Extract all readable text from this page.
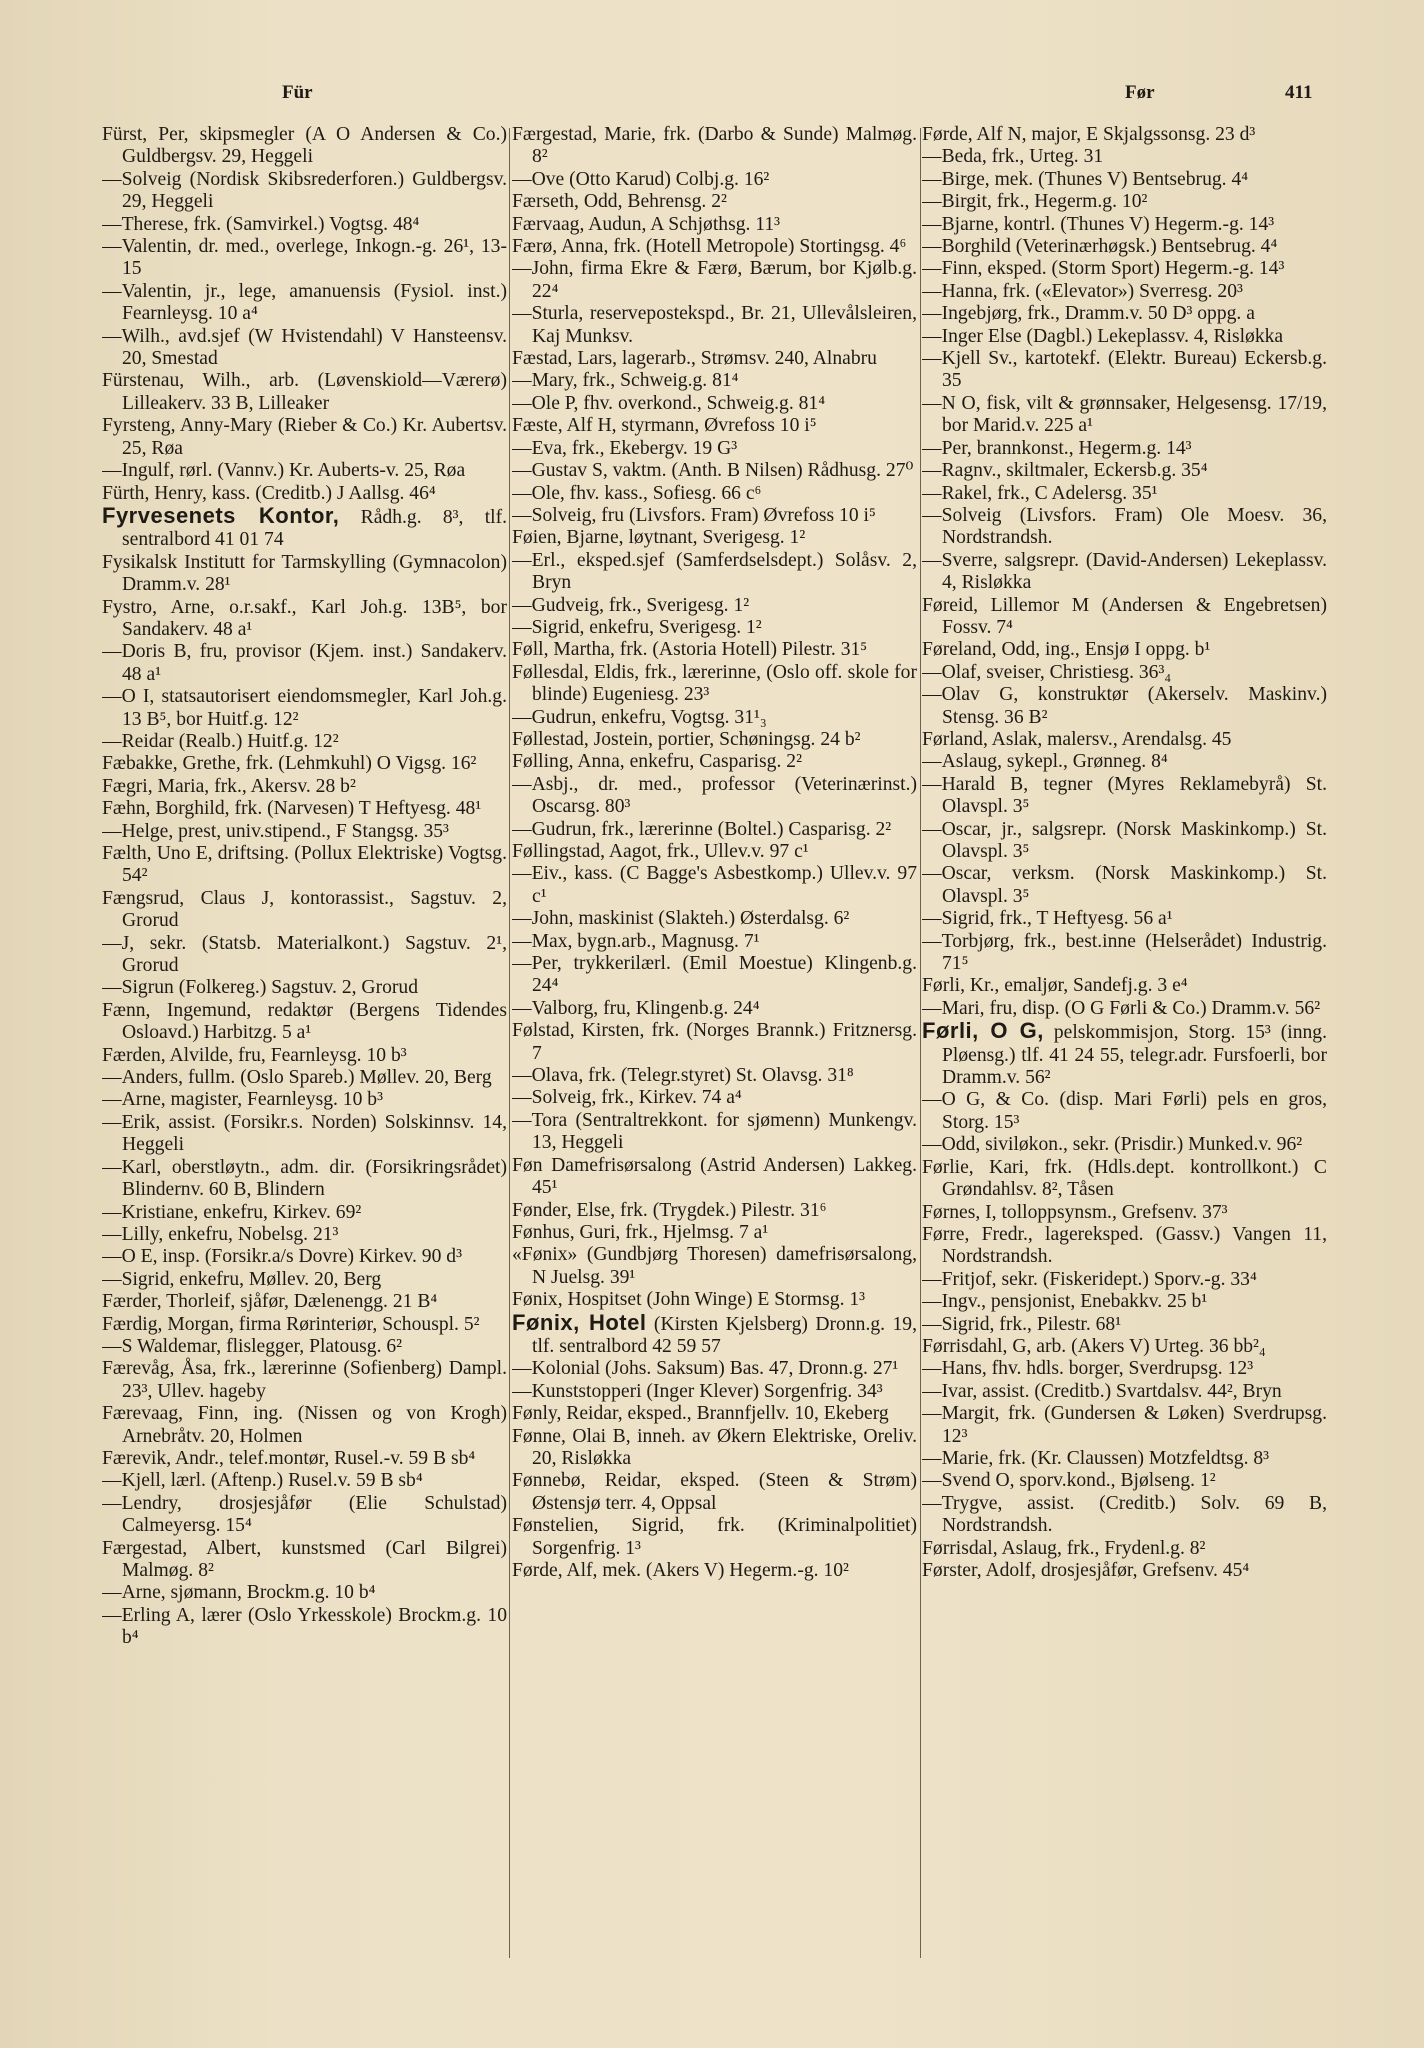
Für	Før	411

Fürst, Per, skipsmegler (A O Andersen & Co.) Guldbergsv. 29, Heggeli

—Solveig (Nordisk Skibsrederforen.) Guldbergsv. 29, Heggeli

—Therese, frk. (Samvirkel.) Vogtsg. 48⁴

—Valentin, dr. med., overlege, Inkogn.-g. 26¹, 13-15

—Valentin, jr., lege, amanuensis (Fysiol. inst.) Fearnleysg. 10 a⁴

—Wilh., avd.sjef (W Hvistendahl) V Hansteensv. 20, Smestad

Fürstenau, Wilh., arb. (Løvenskiold—Værerø) Lilleakerv. 33 B, Lilleaker

Fyrsteng, Anny-Mary (Rieber & Co.) Kr. Aubertsv. 25, Røa

—Ingulf, rørl. (Vannv.) Kr. Auberts-v. 25, Røa

Fürth, Henry, kass. (Creditb.) J Aallsg. 46⁴

Fyrvesenets Kontor, Rådh.g. 8³, tlf. sentralbord 41 01 74

Fysikalsk Institutt for Tarmskylling (Gymnacolon) Dramm.v. 28¹

Fystro, Arne, o.r.sakf., Karl Joh.g. 13B⁵, bor Sandakerv. 48 a¹

—Doris B, fru, provisor (Kjem. inst.) Sandakerv. 48 a¹

—O I, statsautorisert eiendomsmegler, Karl Joh.g. 13 B⁵, bor Huitf.g. 12²

—Reidar (Realb.) Huitf.g. 12²

Fæbakke, Grethe, frk. (Lehmkuhl) O Vigsg. 16²

Fægri, Maria, frk., Akersv. 28 b²

Fæhn, Borghild, frk. (Narvesen) T Heftyesg. 48¹

—Helge, prest, univ.stipend., F Stangsg. 35³

Fælth, Uno E, driftsing. (Pollux Elektriske) Vogtsg. 54²

Fængsrud, Claus J, kontorassist., Sagstuv. 2, Grorud

—J, sekr. (Statsb. Materialkont.) Sagstuv. 2¹, Grorud

—Sigrun (Folkereg.) Sagstuv. 2, Grorud

Fænn, Ingemund, redaktør (Bergens Tidendes Osloavd.) Harbitzg. 5 a¹

Færden, Alvilde, fru, Fearnleysg. 10 b³

—Anders, fullm. (Oslo Spareb.) Møllev. 20, Berg

—Arne, magister, Fearnleysg. 10 b³

—Erik, assist. (Forsikr.s. Norden) Solskinnsv. 14, Heggeli

—Karl, oberstløytn., adm. dir. (Forsikringsrådet) Blindernv. 60 B, Blindern

—Kristiane, enkefru, Kirkev. 69²

—Lilly, enkefru, Nobelsg. 21³

—O E, insp. (Forsikr.a/s Dovre) Kirkev. 90 d³

—Sigrid, enkefru, Møllev. 20, Berg

Færder, Thorleif, sjåfør, Dælenengg. 21 B⁴

Færdig, Morgan, firma Rørinteriør, Schouspl. 5²

—S Waldemar, flislegger, Platousg. 6²

Færevåg, Åsa, frk., lærerinne (Sofienberg) Dampl. 23³, Ullev. hageby

Færevaag, Finn, ing. (Nissen og von Krogh) Arnebråtv. 20, Holmen

Færevik, Andr., telef.montør, Rusel.-v. 59 B sb⁴

—Kjell, lærl. (Aftenp.) Rusel.v. 59 B sb⁴

—Lendry, drosjesjåfør (Elie Schulstad) Calmeyersg. 15⁴

Færgestad, Albert, kunstsmed (Carl Bilgrei) Malmøg. 8²

—Arne, sjømann, Brockm.g. 10 b⁴

—Erling A, lærer (Oslo Yrkesskole) Brockm.g. 10 b⁴

Færgestad, Marie, frk. (Darbo & Sunde) Malmøg. 8²

—Ove (Otto Karud) Colbj.g. 16²

Færseth, Odd, Behrensg. 2²

Færvaag, Audun, A Schjøthsg. 11³

Færø, Anna, frk. (Hotell Metropole) Stortingsg. 4⁶

—John, firma Ekre & Færø, Bærum, bor Kjølb.g. 22⁴

—Sturla, reservepostekspd., Br. 21, Ullevålsleiren, Kaj Munksv.

Fæstad, Lars, lagerarb., Strømsv. 240, Alnabru

—Mary, frk., Schweig.g. 81⁴

—Ole P, fhv. overkond., Schweig.g. 81⁴

Fæste, Alf H, styrmann, Øvrefoss 10 i⁵

—Eva, frk., Ekebergv. 19 G³

—Gustav S, vaktm. (Anth. B Nilsen) Rådhusg. 27⁰

—Ole, fhv. kass., Sofiesg. 66 c⁶

—Solveig, fru (Livsfors. Fram) Øvrefoss 10 i⁵

Føien, Bjarne, løytnant, Sverigesg. 1²

—Erl., eksped.sjef (Samferdselsdept.) Solåsv. 2, Bryn

—Gudveig, frk., Sverigesg. 1²

—Sigrid, enkefru, Sverigesg. 1²

Føll, Martha, frk. (Astoria Hotell) Pilestr. 31⁵

Føllesdal, Eldis, frk., lærerinne, (Oslo off. skole for blinde) Eugeniesg. 23³

—Gudrun, enkefru, Vogtsg. 31¹₃

Føllestad, Jostein, portier, Schøningsg. 24 b²

Følling, Anna, enkefru, Casparisg. 2²

—Asbj., dr. med., professor (Veterinærinst.) Oscarsg. 80³

—Gudrun, frk., lærerinne (Boltel.) Casparisg. 2²

Føllingstad, Aagot, frk., Ullev.v. 97 c¹

—Eiv., kass. (C Bagge's Asbestkomp.) Ullev.v. 97 c¹

—John, maskinist (Slakteh.) Østerdalsg. 6²

—Max, bygn.arb., Magnusg. 7¹

—Per, trykkerilærl. (Emil Moestue) Klingenb.g. 24⁴

—Valborg, fru, Klingenb.g. 24⁴

Følstad, Kirsten, frk. (Norges Brannk.) Fritznersg. 7

—Olava, frk. (Telegr.styret) St. Olavsg. 31⁸

—Solveig, frk., Kirkev. 74 a⁴

—Tora (Sentraltrekkont. for sjømenn) Munkengv. 13, Heggeli

Føn Damefrisørsalong (Astrid Andersen) Lakkeg. 45¹

Fønder, Else, frk. (Trygdek.) Pilestr. 31⁶

Fønhus, Guri, frk., Hjelmsg. 7 a¹

«Fønix» (Gundbjørg Thoresen) damefrisørsalong, N Juelsg. 39¹

Fønix, Hospitset (John Winge) E Stormsg. 1³

Fønix, Hotel (Kirsten Kjelsberg) Dronn.g. 19, tlf. sentralbord 42 59 57

—Kolonial (Johs. Saksum) Bas. 47, Dronn.g. 27¹

—Kunststopperi (Inger Klever) Sorgenfrig. 34³

Fønly, Reidar, eksped., Brannfjellv. 10, Ekeberg

Fønne, Olai B, inneh. av Økern Elektriske, Oreliv. 20, Risløkka

Fønnebø, Reidar, eksped. (Steen & Strøm) Østensjø terr. 4, Oppsal

Fønstelien, Sigrid, frk. (Kriminalpolitiet) Sorgenfrig. 1³

Førde, Alf, mek. (Akers V) Hegerm.-g. 10²

Førde, Alf N, major, E Skjalgssonsg. 23 d³

—Beda, frk., Urteg. 31

—Birge, mek. (Thunes V) Bentsebrug. 4⁴

—Birgit, frk., Hegerm.g. 10²

—Bjarne, kontrl. (Thunes V) Hegerm.-g. 14³

—Borghild (Veterinærhøgsk.) Bentsebrug. 4⁴

—Finn, eksped. (Storm Sport) Hegerm.-g. 14³

—Hanna, frk. («Elevator») Sverresg. 20³

—Ingebjørg, frk., Dramm.v. 50 D³ oppg. a

—Inger Else (Dagbl.) Lekeplassv. 4, Risløkka

—Kjell Sv., kartotekf. (Elektr. Bureau) Eckersb.g. 35

—N O, fisk, vilt & grønnsaker, Helgesensg. 17/19, bor Marid.v. 225 a¹

—Per, brannkonst., Hegerm.g. 14³

—Ragnv., skiltmaler, Eckersb.g. 35⁴

—Rakel, frk., C Adelersg. 35¹

—Solveig (Livsfors. Fram) Ole Moesv. 36, Nordstrandsh.

—Sverre, salgsrepr. (David-Andersen) Lekeplassv. 4, Risløkka

Føreid, Lillemor M (Andersen & Engebretsen) Fossv. 7⁴

Føreland, Odd, ing., Ensjø I oppg. b¹

—Olaf, sveiser, Christiesg. 36³₄

—Olav G, konstruktør (Akerselv. Maskinv.) Stensg. 36 B²

Førland, Aslak, malersv., Arendalsg. 45

—Aslaug, sykepl., Grønneg. 8⁴

—Harald B, tegner (Myres Reklamebyrå) St. Olavspl. 3⁵

—Oscar, jr., salgsrepr. (Norsk Maskinkomp.) St. Olavspl. 3⁵

—Oscar, verksm. (Norsk Maskinkomp.) St. Olavspl. 3⁵

—Sigrid, frk., T Heftyesg. 56 a¹

—Torbjørg, frk., best.inne (Helserådet) Industrig. 71⁵

Førli, Kr., emaljør, Sandefj.g. 3 e⁴

—Mari, fru, disp. (O G Førli & Co.) Dramm.v. 56²

Førli, O G, pelskommisjon, Storg. 15³ (inng. Pløensg.) tlf. 41 24 55, telegr.adr. Fursfoerli, bor Dramm.v. 56²

—O G, & Co. (disp. Mari Førli) pels en gros, Storg. 15³

—Odd, siviløkon., sekr. (Prisdir.) Munked.v. 96²

Førlie, Kari, frk. (Hdls.dept. kontrollkont.) C Grøndahlsv. 8², Tåsen

Førnes, I, tolloppsynsm., Grefsenv. 37³

Førre, Fredr., lagereksped. (Gassv.) Vangen 11, Nordstrandsh.

—Fritjof, sekr. (Fiskeridept.) Sporv.-g. 33⁴

—Ingv., pensjonist, Enebakkv. 25 b¹

—Sigrid, frk., Pilestr. 68¹

Førrisdahl, G, arb. (Akers V) Urteg. 36 bb²₄

—Hans, fhv. hdls. borger, Sverdrupsg. 12³

—Ivar, assist. (Creditb.) Svartdalsv. 44², Bryn

—Margit, frk. (Gundersen & Løken) Sverdrupsg. 12³

—Marie, frk. (Kr. Claussen) Motzfeldtsg. 8³

—Svend O, sporv.kond., Bjølseng. 1²

—Trygve, assist. (Creditb.) Solv. 69 B, Nordstrandsh.

Førrisdal, Aslaug, frk., Frydenl.g. 8²

Førster, Adolf, drosjesjåfør, Grefsenv. 45⁴
